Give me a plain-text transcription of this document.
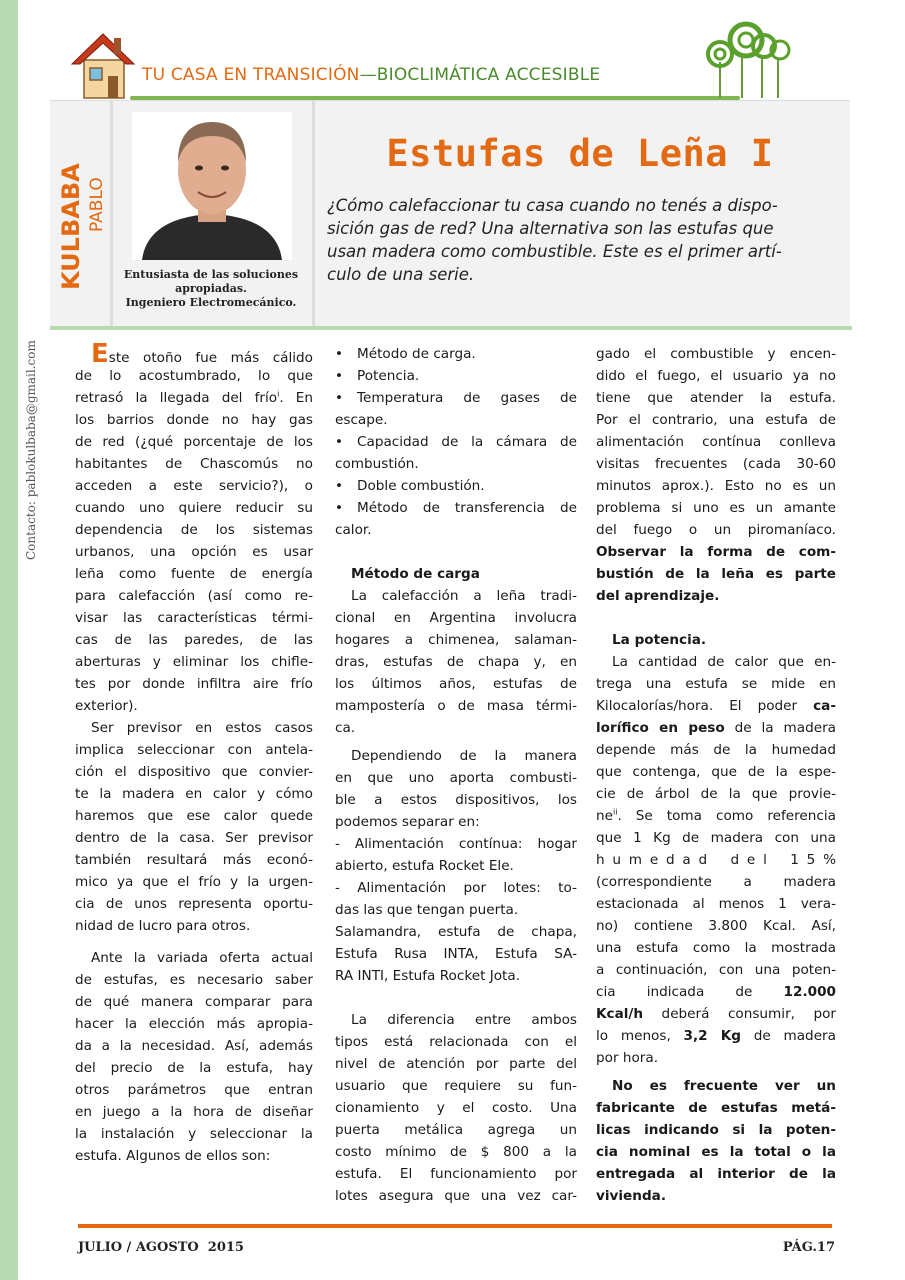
Contacto: pablokulbaba@gmail.com
TU CASA EN TRANSICIÓN—BIOCLIMÁTICA ACCESIBLE
KULBABA PABLO
Entusiasta de las soluciones
apropiadas.
Ingeniero Electromecánico.
Estufas de Leña I
¿Cómo calefaccionar tu casa cuando no tenés a dispo-
sición gas de red? Una alternativa son las estufas que
usan madera como combustible. Este es el primer artí-
culo de una serie.
Este otoño fue más cálido
de lo acostumbrado, lo que
retrasó la llegada del frío$^i$. En
los barrios donde no hay gas
de red (¿qué porcentaje de los
habitantes de Chascomús no
acceden a este servicio?), o
cuando uno quiere reducir su
dependencia de los sistemas
urbanos, una opción es usar
leña como fuente de energía
para calefacción (así como re-
visar las características térmi-
cas de las paredes, de las
aberturas y eliminar los chifle-
tes por donde infiltra aire frío
exterior).
Ser previsor en estos casos
implica seleccionar con antela-
ción el dispositivo que convier-
te la madera en calor y cómo
haremos que ese calor quede
dentro de la casa. Ser previsor
también resultará más econó-
mico ya que el frío y la urgen-
cia de unos representa oportu-
nidad de lucro para otros.
Ante la variada oferta actual
de estufas, es necesario saber
de qué manera comparar para
hacer la elección más apropia-
da a la necesidad. Así, además
del precio de la estufa, hay
otros parámetros que entran
en juego a la hora de diseñar
la instalación y seleccionar la
estufa. Algunos de ellos son:
• Método de carga.
• Potencia.
• Temperatura de gases de
escape.
• Capacidad de la cámara de
combustión.
• Doble combustión.
• Método de transferencia de
calor.
Método de carga
La calefacción a leña tradi-
cional en Argentina involucra
hogares a chimenea, salaman-
dras, estufas de chapa y, en
los últimos años, estufas de
mampostería o de masa térmi-
ca.
Dependiendo de la manera
en que uno aporta combusti-
ble a estos dispositivos, los
podemos separar en:
- Alimentación contínua: hogar
abierto, estufa Rocket Ele.
- Alimentación por lotes: to-
das las que tengan puerta.
Salamandra, estufa de chapa,
Estufa Rusa INTA, Estufa SA-
RA INTI, Estufa Rocket Jota.
La diferencia entre ambos
tipos está relacionada con el
nivel de atención por parte del
usuario que requiere su fun-
cionamiento y el costo. Una
puerta metálica agrega un
costo mínimo de $ 800 a la
estufa. El funcionamiento por
lotes asegura que una vez car-
gado el combustible y encen-
dido el fuego, el usuario ya no
tiene que atender la estufa.
Por el contrario, una estufa de
alimentación contínua conlleva
visitas frecuentes (cada 30-60
minutos aprox.). Esto no es un
problema si uno es un amante
del fuego o un piromaníaco.
Observar la forma de com-
bustión de la leña es parte
del aprendizaje.
La potencia.
La cantidad de calor que en-
trega una estufa se mide en
Kilocalorías/hora. El poder ca-
lorífico en peso de la madera
depende más de la humedad
que contenga, que de la espe-
cie de árbol de la que provie-
$ne^{ii}$. Se toma como referencia
que 1 Kg de madera con una
h u m e d a d   d e l   1 5 %
(correspondiente a madera
estacionada al menos 1 vera-
no) contiene 3.800 Kcal. Así,
una estufa como la mostrada
a continuación, con una poten-
cia indicada de 12.000
Kcal/h deberá consumir, por
lo menos, 3,2 Kg de madera
por hora.
No es frecuente ver un
fabricante de estufas metá-
licas indicando si la poten-
cia nominal es la total o la
entregada al interior de la
vivienda.
JULIO / AGOSTO  2015	PÁG.17
